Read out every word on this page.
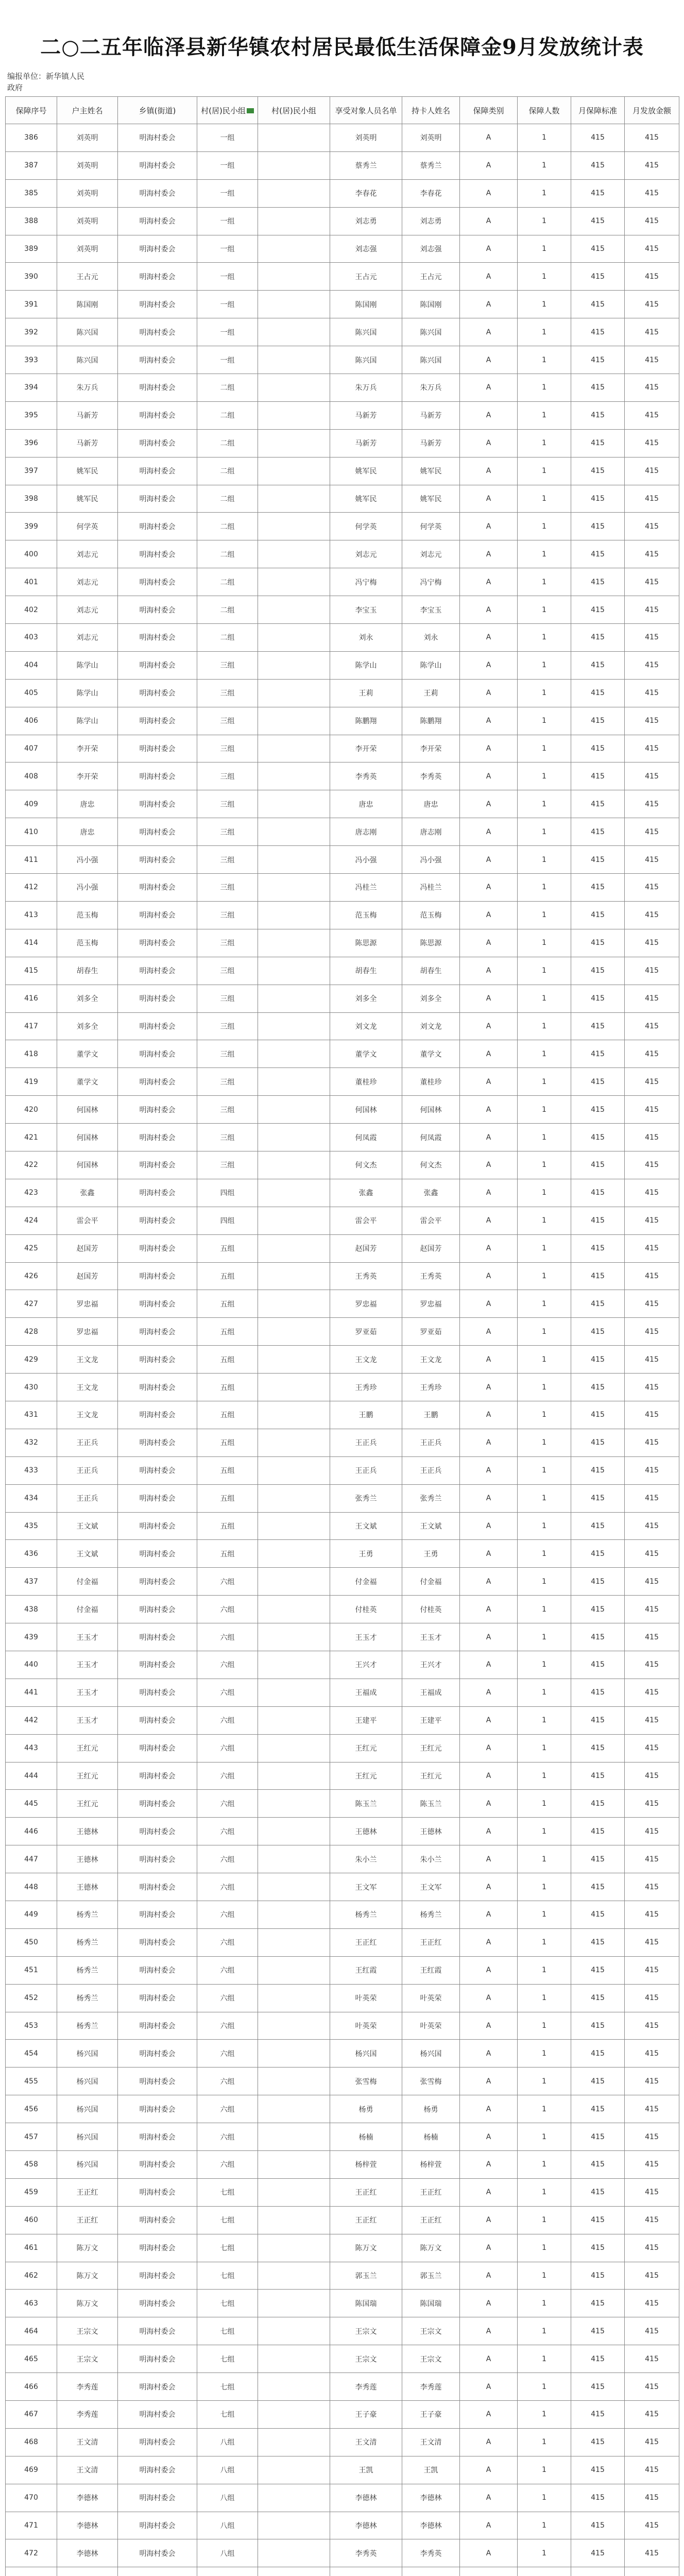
二○二五年临泽县新华镇农村居民最低生活保障金9月发放统计表
编报单位：新华镇人民
政府
保障序号	户主姓名	乡镇(街道)	村(居)民小组	村(居)民小组	享受对象人员名单	持卡人姓名	保障类别	保障人数	月保障标准	月发放金额
386	刘英明	明海村委会	一组		刘英明	刘英明	A	1	415	415
387	刘英明	明海村委会	一组		蔡秀兰	蔡秀兰	A	1	415	415
385	刘英明	明海村委会	一组		李春花	李春花	A	1	415	415
388	刘英明	明海村委会	一组		刘志勇	刘志勇	A	1	415	415
389	刘英明	明海村委会	一组		刘志强	刘志强	A	1	415	415
390	王占元	明海村委会	一组		王占元	王占元	A	1	415	415
391	陈国刚	明海村委会	一组		陈国刚	陈国刚	A	1	415	415
392	陈兴国	明海村委会	一组		陈兴国	陈兴国	A	1	415	415
393	陈兴国	明海村委会	一组		陈兴国	陈兴国	A	1	415	415
394	朱万兵	明海村委会	二组		朱万兵	朱万兵	A	1	415	415
395	马新芳	明海村委会	二组		马新芳	马新芳	A	1	415	415
396	马新芳	明海村委会	二组		马新芳	马新芳	A	1	415	415
397	姚军民	明海村委会	二组		姚军民	姚军民	A	1	415	415
398	姚军民	明海村委会	二组		姚军民	姚军民	A	1	415	415
399	何学英	明海村委会	二组		何学英	何学英	A	1	415	415
400	刘志元	明海村委会	二组		刘志元	刘志元	A	1	415	415
401	刘志元	明海村委会	二组		冯宁梅	冯宁梅	A	1	415	415
402	刘志元	明海村委会	二组		李宝玉	李宝玉	A	1	415	415
403	刘志元	明海村委会	二组		刘永	刘永	A	1	415	415
404	陈学山	明海村委会	三组		陈学山	陈学山	A	1	415	415
405	陈学山	明海村委会	三组		王莉	王莉	A	1	415	415
406	陈学山	明海村委会	三组		陈鹏翔	陈鹏翔	A	1	415	415
407	李开荣	明海村委会	三组		李开荣	李开荣	A	1	415	415
408	李开荣	明海村委会	三组		李秀英	李秀英	A	1	415	415
409	唐忠	明海村委会	三组		唐忠	唐忠	A	1	415	415
410	唐忠	明海村委会	三组		唐志刚	唐志刚	A	1	415	415
411	冯小强	明海村委会	三组		冯小强	冯小强	A	1	415	415
412	冯小强	明海村委会	三组		冯桂兰	冯桂兰	A	1	415	415
413	范玉梅	明海村委会	三组		范玉梅	范玉梅	A	1	415	415
414	范玉梅	明海村委会	三组		陈思源	陈思源	A	1	415	415
415	胡春生	明海村委会	三组		胡春生	胡春生	A	1	415	415
416	刘多全	明海村委会	三组		刘多全	刘多全	A	1	415	415
417	刘多全	明海村委会	三组		刘文龙	刘文龙	A	1	415	415
418	董学文	明海村委会	三组		董学文	董学文	A	1	415	415
419	董学文	明海村委会	三组		董桂珍	董桂珍	A	1	415	415
420	何国林	明海村委会	三组		何国林	何国林	A	1	415	415
421	何国林	明海村委会	三组		何凤霞	何凤霞	A	1	415	415
422	何国林	明海村委会	三组		何文杰	何文杰	A	1	415	415
423	张鑫	明海村委会	四组		张鑫	张鑫	A	1	415	415
424	雷会平	明海村委会	四组		雷会平	雷会平	A	1	415	415
425	赵国芳	明海村委会	五组		赵国芳	赵国芳	A	1	415	415
426	赵国芳	明海村委会	五组		王秀英	王秀英	A	1	415	415
427	罗忠福	明海村委会	五组		罗忠福	罗忠福	A	1	415	415
428	罗忠福	明海村委会	五组		罗亚茹	罗亚茹	A	1	415	415
429	王文龙	明海村委会	五组		王文龙	王文龙	A	1	415	415
430	王文龙	明海村委会	五组		王秀珍	王秀珍	A	1	415	415
431	王文龙	明海村委会	五组		王鹏	王鹏	A	1	415	415
432	王正兵	明海村委会	五组		王正兵	王正兵	A	1	415	415
433	王正兵	明海村委会	五组		王正兵	王正兵	A	1	415	415
434	王正兵	明海村委会	五组		张秀兰	张秀兰	A	1	415	415
435	王文斌	明海村委会	五组		王文斌	王文斌	A	1	415	415
436	王文斌	明海村委会	五组		王勇	王勇	A	1	415	415
437	付金福	明海村委会	六组		付金福	付金福	A	1	415	415
438	付金福	明海村委会	六组		付桂英	付桂英	A	1	415	415
439	王玉才	明海村委会	六组		王玉才	王玉才	A	1	415	415
440	王玉才	明海村委会	六组		王兴才	王兴才	A	1	415	415
441	王玉才	明海村委会	六组		王福成	王福成	A	1	415	415
442	王玉才	明海村委会	六组		王建平	王建平	A	1	415	415
443	王红元	明海村委会	六组		王红元	王红元	A	1	415	415
444	王红元	明海村委会	六组		王红元	王红元	A	1	415	415
445	王红元	明海村委会	六组		陈玉兰	陈玉兰	A	1	415	415
446	王德林	明海村委会	六组		王德林	王德林	A	1	415	415
447	王德林	明海村委会	六组		朱小兰	朱小兰	A	1	415	415
448	王德林	明海村委会	六组		王文军	王文军	A	1	415	415
449	杨秀兰	明海村委会	六组		杨秀兰	杨秀兰	A	1	415	415
450	杨秀兰	明海村委会	六组		王正红	王正红	A	1	415	415
451	杨秀兰	明海村委会	六组		王红霞	王红霞	A	1	415	415
452	杨秀兰	明海村委会	六组		叶英荣	叶英荣	A	1	415	415
453	杨秀兰	明海村委会	六组		叶英荣	叶英荣	A	1	415	415
454	杨兴国	明海村委会	六组		杨兴国	杨兴国	A	1	415	415
455	杨兴国	明海村委会	六组		张雪梅	张雪梅	A	1	415	415
456	杨兴国	明海村委会	六组		杨勇	杨勇	A	1	415	415
457	杨兴国	明海村委会	六组		杨楠	杨楠	A	1	415	415
458	杨兴国	明海村委会	六组		杨梓萱	杨梓萱	A	1	415	415
459	王正红	明海村委会	七组		王正红	王正红	A	1	415	415
460	王正红	明海村委会	七组		王正红	王正红	A	1	415	415
461	陈万文	明海村委会	七组		陈万文	陈万文	A	1	415	415
462	陈万文	明海村委会	七组		郭玉兰	郭玉兰	A	1	415	415
463	陈万文	明海村委会	七组		陈国瑞	陈国瑞	A	1	415	415
464	王宗文	明海村委会	七组		王宗文	王宗文	A	1	415	415
465	王宗文	明海村委会	七组		王宗文	王宗文	A	1	415	415
466	李秀莲	明海村委会	七组		李秀莲	李秀莲	A	1	415	415
467	李秀莲	明海村委会	七组		王子豪	王子豪	A	1	415	415
468	王文清	明海村委会	八组		王文清	王文清	A	1	415	415
469	王文清	明海村委会	八组		王凯	王凯	A	1	415	415
470	李德林	明海村委会	八组		李德林	李德林	A	1	415	415
471	李德林	明海村委会	八组		李德林	李德林	A	1	415	415
472	李德林	明海村委会	八组		李秀英	李秀英	A	1	415	415
